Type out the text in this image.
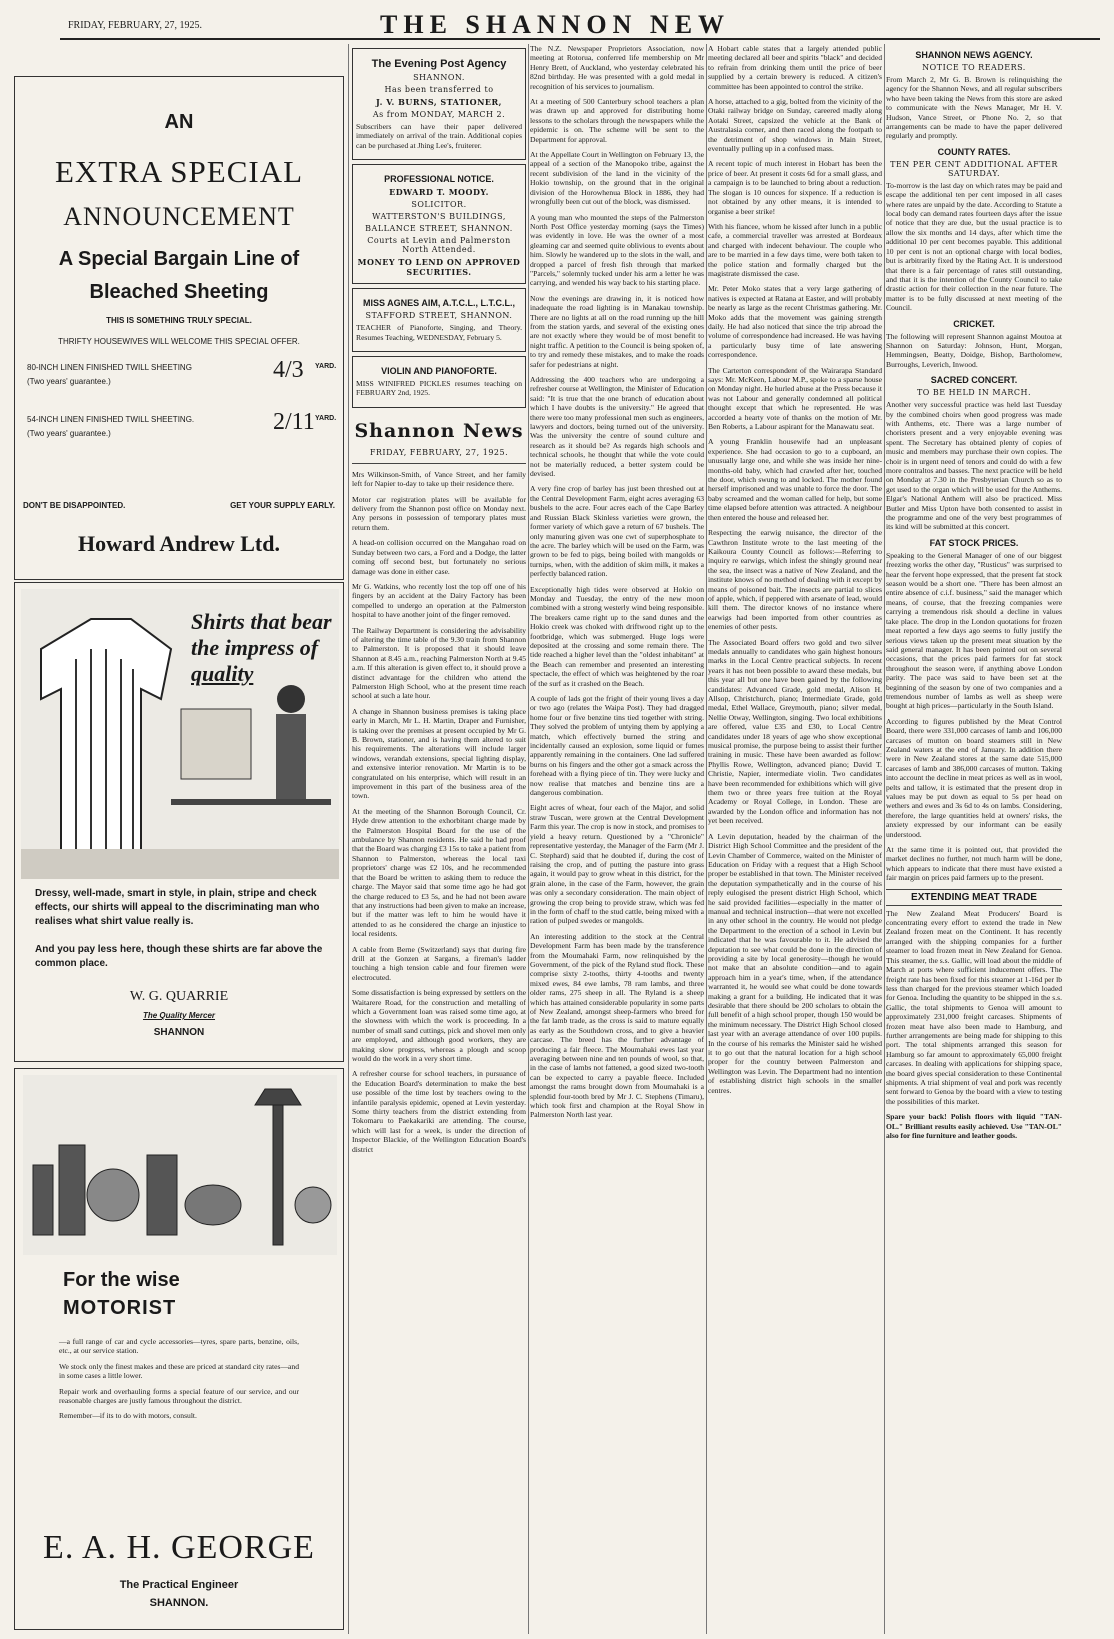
FRIDAY, FEBRUARY, 27, 1925.	THE SHANNON NEW
AN
EXTRA SPECIAL
ANNOUNCEMENT
A Special Bargain Line of
Bleached Sheeting
THIS IS SOMETHING TRULY SPECIAL.
THRIFTY HOUSEWIVES WILL WELCOME THIS SPECIAL OFFER.
80-INCH LINEN FINISHED TWILL SHEETING
(Two years' guarantee.)	4/3 YARD.
54-INCH LINEN FINISHED TWILL SHEETING.
(Two years' guarantee.)	2/11 YARD.
DON'T BE DISAPPOINTED.	GET YOUR SUPPLY EARLY.
Howard Andrew Ltd.
Shirts that bear
the impress of
quality
Dressy, well-made, smart in style, in plain, stripe and check effects, our shirts will appeal to the discriminating man who realises what shirt value really is.
And you pay less here, though these shirts are far above the common place.
W. G. QUARRIE
The Quality Mercer
SHANNON
For the wise
MOTORIST

—a full range of car and cycle accessories—tyres, spare parts, benzine, oils, etc., at our service station.

We stock only the finest makes and these are priced at standard city rates—and in some cases a little lower.

Repair work and overhauling forms a special feature of our service, and our reasonable charges are justly famous throughout the district.

Remember—if its to do with motors, consult.

E. A. H. GEORGE
The Practical Engineer
SHANNON.
The Evening Post Agency
SHANNON.
Has been transferred to
J. V. BURNS, STATIONER,
As from MONDAY, MARCH 2.

Subscribers can have their paper delivered immediately on arrival of the train. Additional copies can be purchased at Jhing Lee's, fruiterer.

PROFESSIONAL NOTICE.
EDWARD T. MOODY.
SOLICITOR.
WATTERSTON'S BUILDINGS,
BALLANCE STREET, SHANNON.
Courts at Levin and Palmerston North Attended.
MONEY TO LEND ON APPROVED SECURITIES.
MISS AGNES AIM, A.T.C.L., L.T.C.L.,
STAFFORD STREET, SHANNON.

TEACHER of Pianoforte, Singing, and Theory. Resumes Teaching, WEDNESDAY, February 5.

VIOLIN AND PIANOFORTE.

MISS WINIFRED PICKLES resumes teaching on FEBRUARY 2nd, 1925.

Shannon News
FRIDAY, FEBRUARY, 27, 1925.

Mrs Wilkinson-Smith, of Vance Street, and her family left for Napier to-day to take up their residence there.

Motor car registration plates will be available for delivery from the Shannon post office on Monday next. Any persons in possession of temporary plates must return them.

A head-on collision occurred on the Mangahao road on Sunday between two cars, a Ford and a Dodge, the latter coming off second best, but fortunately no serious damage was done in either case.

Mr G. Watkins, who recently lost the top off one of his fingers by an accident at the Dairy Factory has been compelled to undergo an operation at the Palmerston hospital to have another joint of the finger removed.

The Railway Department is considering the advisability of altering the time table of the 9.30 train from Shannon to Palmerston. It is proposed that it should leave Shannon at 8.45 a.m., reaching Palmerston North at 9.45 a.m. If this alteration is given effect to, it should prove a distinct advantage for the children who attend the Palmerston High School, who at the present time reach school at such a late hour.

A change in Shannon business premises is taking place early in March, Mr L. H. Martin, Draper and Furnisher, is taking over the premises at present occupied by Mr G. B. Brown, stationer, and is having them altered to suit his requirements. The alterations will include larger windows, verandah extensions, special lighting display, and extensive interior renovation. Mr Martin is to be congratulated on his enterprise, which will result in an improvement in this part of the business area of the town.

At the meeting of the Shannon Borough Council, Cr. Hyde drew attention to the exhorbitant charge made by the Palmerston Hospital Board for the use of the ambulance by Shannon residents. He said he had proof that the Board was charging £3 15s to take a patient from Shannon to Palmerston, whereas the local taxi proprietors' charge was £2 10s, and he recommended that the Board be written to asking them to reduce the charge. The Mayor said that some time ago he had got the charge reduced to £3 5s, and he had not been aware that any instructions had been given to make an increase, but if the matter was left to him he would have it attended to as he considered the charge an injustice to local residents.

A cable from Berne (Switzerland) says that during fire drill at the Gonzen at Sargans, a fireman's ladder touching a high tension cable and four firemen were electrocuted.

Some dissatisfaction is being expressed by settlers on the Waitarere Road, for the construction and metalling of which a Government loan was raised some time ago, at the slowness with which the work is proceeding. In a number of small sand cuttings, pick and shovel men only are employed, and although good workers, they are making slow progress, whereas a plough and scoop would do the work in a very short time.

A refresher course for school teachers, in pursuance of the Education Board's determination to make the best use possible of the time lost by teachers owing to the infantile paralysis epidemic, opened at Levin yesterday. Some thirty teachers from the district extending from Tokomaru to Paekakariki are attending. The course, which will last for a week, is under the direction of Inspector Blackie, of the Wellington Education Board's district

The N.Z. Newspaper Proprietors Association, now meeting at Rotorua, conferred life membership on Mr Henry Brett, of Auckland, who yesterday celebrated his 82nd birthday. He was presented with a gold medal in recognition of his services to journalism.

At a meeting of 500 Canterbury school teachers a plan was drawn up and approved for distributing home lessons to the scholars through the newspapers while the epidemic is on. The scheme will be sent to the Department for approval.

At the Appellate Court in Wellington on February 13, the appeal of a section of the Manopoko tribe, against the recent subdivision of the land in the vicinity of the Hokio township, on the ground that in the original division of the Horowhenua Block in 1886, they had wrongfully been cut out of the block, was dismissed.

A young man who mounted the steps of the Palmerston North Post Office yesterday morning (says the Times) was evidently in love. He was the owner of a most gleaming car and seemed quite oblivious to events about him. Slowly he wandered up to the slots in the wall, and dropped a parcel of fresh fish through that marked "Parcels," solemnly tucked under his arm a letter he was carrying, and wended his way back to his starting place.

Now the evenings are drawing in, it is noticed how inadequate the road lighting is in Manakau township. There are no lights at all on the road running up the hill from the station yards, and several of the existing ones are not exactly where they would be of most benefit to night traffic. A petition to the Council is being spoken of, to try and remedy these mistakes, and to make the roads safer for pedestrians at night.

Addressing the 400 teachers who are undergoing a refresher course at Wellington, the Minister of Education said: "It is true that the one branch of education about which I have doubts is the university." He agreed that there were too many professional men such as engineers, lawyers and doctors, being turned out of the university. Was the university the centre of sound culture and research as it should be? As regards high schools and technical schools, he thought that while the vote could not be materially reduced, a better system could be devised.

A very fine crop of barley has just been threshed out at the Central Development Farm, eight acres averaging 63 bushels to the acre. Four acres each of the Cape Barley and Russian Black Skinless varieties were grown, the former variety of which gave a return of 67 bushels. The only manuring given was one cwt of superphosphate to the acre. The barley which will be used on the Farm, was grown to be fed to pigs, being boiled with mangolds or turnips, when, with the addition of skim milk, it makes a perfectly balanced ration.

Exceptionally high tides were observed at Hokio on Monday and Tuesday, the entry of the new moon combined with a strong westerly wind being responsible. The breakers came right up to the sand dunes and the Hokio creek was choked with driftwood right up to the footbridge, which was submerged. Huge logs were deposited at the crossing and some remain there. The tide reached a higher level than the "oldest inhabitant" at the Beach can remember and presented an interesting spectacle, the effect of which was heightened by the roar of the surf as it crashed on the Beach.

A couple of lads got the fright of their young lives a day or two ago (relates the Waipa Post). They had dragged home four or five benzine tins tied together with string. They solved the problem of untying them by applying a match, which effectively burned the string and incidentally caused an explosion, some liquid or fumes apparently remaining in the containers. One lad suffered burns on his fingers and the other got a smack across the forehead with a flying piece of tin. They were lucky and now realise that matches and benzine tins are a dangerous combination.

Eight acres of wheat, four each of the Major, and solid straw Tuscan, were grown at the Central Development Farm this year. The crop is now in stock, and promises to yield a heavy return. Questioned by a "Chronicle" representative yesterday, the Manager of the Farm (Mr J. C. Stephard) said that he doubted if, during the cost of raising the crop, and of putting the pasture into grass again, it would pay to grow wheat in this district, for the grain alone, in the case of the Farm, however, the grain was only a secondary consideration. The main object of growing the crop being to provide straw, which was fed in the form of chaff to the stud cattle, being mixed with a ration of pulped swedes or mangolds.

An interesting addition to the stock at the Central Development Farm has been made by the transference from the Moumahaki Farm, now relinquished by the Government, of the pick of the Ryland stud flock. These comprise sixty 2-tooths, thirty 4-tooths and twenty mixed ewes, 84 ewe lambs, 78 ram lambs, and three older rams, 275 sheep in all. The Ryland is a sheep which has attained considerable popularity in some parts of New Zealand, amongst sheep-farmers who breed for the fat lamb trade, as the cross is said to mature equally as early as the Southdown cross, and to give a heavier carcase. The breed has the further advantage of producing a fair fleece. The Moumahaki ewes last year averaging between nine and ten pounds of wool, so that, in the case of lambs not fattened, a good sized two-tooth can be expected to carry a payable fleece. Included amongst the rams brought down from Moumahaki is a splendid four-tooth bred by Mr J. C. Stephens (Timaru), which took first and champion at the Royal Show in Palmerston North last year.

A Hobart cable states that a largely attended public meeting declared all beer and spirits "black" and decided to refrain from drinking them until the price of beer supplied by a certain brewery is reduced. A citizen's committee has been appointed to control the strike.

A horse, attached to a gig, bolted from the vicinity of the Otaki railway bridge on Sunday, careered madly along Aotaki Street, capsized the vehicle at the Bank of Australasia corner, and then raced along the footpath to the detriment of shop windows in Main Street, eventually pulling up in a confused mass.

A recent topic of much interest in Hobart has been the price of beer. At present it costs 6d for a small glass, and a campaign is to be launched to bring about a reduction. The slogan is 10 ounces for sixpence. If a reduction is not obtained by any other means, it is intended to organise a beer strike!

With his fiancee, whom he kissed after lunch in a public cafe, a commercial traveller was arrested at Bordeaux and charged with indecent behaviour. The couple who are to be married in a few days time, were both taken to the police station and formally charged but the magistrate dismissed the case.

Mr. Peter Moko states that a very large gathering of natives is expected at Ratana at Easter, and will probably be nearly as large as the recent Christmas gathering. Mr. Moko adds that the movement was gaining strength daily. He had also noticed that since the trip abroad the volume of correspondence had increased. He was having a particularly busy time of late answering correspondence.

The Carterton correspondent of the Wairarapa Standard says: Mr. McKeen, Labour M.P., spoke to a sparse house on Monday night. He hurled abuse at the Press because it was not Labour and generally condemned all political thought except that which he represented. He was accorded a hearty vote of thanks on the motion of Mr. Ben Roberts, a Labour aspirant for the Manawatu seat.

A young Franklin housewife had an unpleasant experience. She had occasion to go to a cupboard, an unusually large one, and while she was inside her nine-months-old baby, which had crawled after her, touched the door, which swung to and locked. The mother found herself imprisoned and was unable to force the door. The baby screamed and the woman called for help, but some time elapsed before attention was attracted. A neighbour then entered the house and released her.

Respecting the earwig nuisance, the director of the Cawthron Institute wrote to the last meeting of the Kaikoura County Council as follows:—Referring to inquiry re earwigs, which infest the shingly ground near the sea, the insect was a native of New Zealand, and the institute knows of no method of dealing with it except by means of poisoned bait. The insects are partial to slices of apple, which, if peppered with arsenate of lead, would kill them. The director knows of no instance where earwigs had been imported from other countries as enemies of other pests.

The Associated Board offers two gold and two silver medals annually to candidates who gain highest honours marks in the Local Centre practical subjects. In recent years it has not been possible to award these medals, but this year all but one have been gained by the following candidates: Advanced Grade, gold medal, Alison H. Allsop, Christchurch, piano; Intermediate Grade, gold medal, Ethel Wallace, Greymouth, piano; silver medal, Nellie Otway, Wellington, singing. Two local exhibitions are offered, value £35 and £30, to Local Centre candidates under 18 years of age who show exceptional musical promise, the purpose being to assist their further training in music. These have been awarded as follow: Phyllis Rowe, Wellington, advanced piano; David T. Christie, Napier, intermediate violin. Two candidates have been recommended for exhibitions which will give them two or three years free tuition at the Royal Academy or Royal College, in London. These are awarded by the London office and information has not yet been received.

A Levin deputation, headed by the chairman of the District High School Committee and the president of the Levin Chamber of Commerce, waited on the Minister of Education on Friday with a request that a High School proper be established in that town. The Minister received the deputation sympathetically and in the course of his reply eulogised the present district High School, which he said provided facilities—especially in the matter of manual and technical instruction—that were not excelled in any other school in the country. He would not pledge the Department to the erection of a school in Levin but indicated that he was favourable to it. He advised the deputation to see what could be done in the direction of providing a site by local generosity—though he would not make that an absolute condition—and to again approach him in a year's time, when, if the attendance warranted it, he would see what could be done towards making a grant for a building. He indicated that it was desirable that there should be 200 scholars to obtain the full benefit of a high school proper, though 150 would be the minimum necessary. The District High School closed last year with an average attendance of over 100 pupils. In the course of his remarks the Minister said he wished it to go out that the natural location for a high school proper for the country between Palmerston and Wellington was Levin. The Department had no intention of establishing district high schools in the smaller centres.

SHANNON NEWS AGENCY.
NOTICE TO READERS.

From March 2, Mr G. B. Brown is relinquishing the agency for the Shannon News, and all regular subscribers who have been taking the News from this store are asked to communicate with the News Manager, Mr H. V. Hudson, Vance Street, or Phone No. 2, so that arrangements can be made to have the paper delivered regularly and promptly.

COUNTY RATES.
TEN PER CENT ADDITIONAL AFTER SATURDAY.

To-morrow is the last day on which rates may be paid and escape the additional ten per cent imposed in all cases where rates are unpaid by the date. According to Statute a local body can demand rates fourteen days after the issue of notice that they are due, but the usual practice is to allow the six months and 14 days, after which time the additional 10 per cent becomes payable. This additional 10 per cent is not an optional charge with local bodies, but is arbitrarily fixed by the Rating Act. It is understood that there is a fair percentage of rates still outstanding, and that it is the intention of the County Council to take drastic action for their collection in the near future. The matter is to be fully discussed at next meeting of the Council.

CRICKET.

The following will represent Shannon against Moutoa at Shannon on Saturday: Johnson, Hunt, Morgan, Hemmingsen, Beatty, Doidge, Bishop, Bartholomew, Burroughs, Leverich, Inwood.

SACRED CONCERT.
TO BE HELD IN MARCH.

Another very successful practice was held last Tuesday by the combined choirs when good progress was made with Anthems, etc. There was a large number of choristers present and a very enjoyable evening was spent. The Secretary has obtained plenty of copies of music and members may purchase their own copies. The choir is in urgent need of tenors and could do with a few more contraltos and basses. The next practice will be held on Monday at 7.30 in the Presbyterian Church so as to get used to the organ which will be used for the Anthems. Elgar's National Anthem will also be practiced. Miss Butler and Miss Upton have both consented to assist in the programme and one of the very best programmes of its kind will be submitted at this concert.

FAT STOCK PRICES.

Speaking to the General Manager of one of our biggest freezing works the other day, "Rusticus" was surprised to hear the fervent hope expressed, that the present fat stock season would be a short one. "There has been almost an entire absence of c.i.f. business," said the manager which means, of course, that the freezing companies were carrying a tremendous risk should a decline in values take place. The drop in the London quotations for frozen meat reported a few days ago seems to fully justify the serious views taken up the present meat situation by the said general manager. It has been pointed out on several occasions, that the prices paid farmers for fat stock throughout the season were, if anything above London parity. The pace was said to have been set at the beginning of the season by one of two companies and a tremendous number of lambs as well as sheep were bought at high prices—particularly in the South Island.

According to figures published by the Meat Control Board, there were 331,000 carcases of lamb and 106,000 carcases of mutton on board steamers still in New Zealand waters at the end of January. In addition there were in New Zealand stores at the same date 515,000 carcases of lamb and 386,000 carcases of mutton. Taking into account the decline in meat prices as well as in wool, pelts and tallow, it is estimated that the present drop in values may be put down as equal to 5s per head on wethers and ewes and 3s 6d to 4s on lambs. Considering, therefore, the large quantities held at owners' risks, the anxiety expressed by our informant can be easily understood.

At the same time it is pointed out, that provided the market declines no further, not much harm will be done, which appears to indicate that there must have existed a fair margin on prices paid farmers up to the present.

EXTENDING MEAT TRADE

The New Zealand Meat Producers' Board is concentrating every effort to extend the trade in New Zealand frozen meat on the Continent. It has recently arranged with the shipping companies for a further steamer to load frozen meat in New Zealand for Genoa. This steamer, the s.s. Gallic, will load about the middle of March at ports where sufficient inducement offers. The freight rate has been fixed for this steamer at 1-16d per lb less than charged for the previous steamer which loaded for Genoa. Including the quantity to be shipped in the s.s. Gallic, the total shipments to Genoa will amount to approximately 231,000 freight carcases. Shipments of frozen meat have also been made to Hamburg, and further arrangements are being made for shipping to this port. The total shipments arranged this season for Hamburg so far amount to approximately 65,000 freight carcases. In dealing with applications for shipping space, the board gives special consideration to these Continental shipments. A trial shipment of veal and pork was recently sent forward to Genoa by the board with a view to testing the possibilities of this market.

Spare your back! Polish floors with liquid "TAN-OL." Brilliant results easily achieved. Use "TAN-OL" also for fine furniture and leather goods.
